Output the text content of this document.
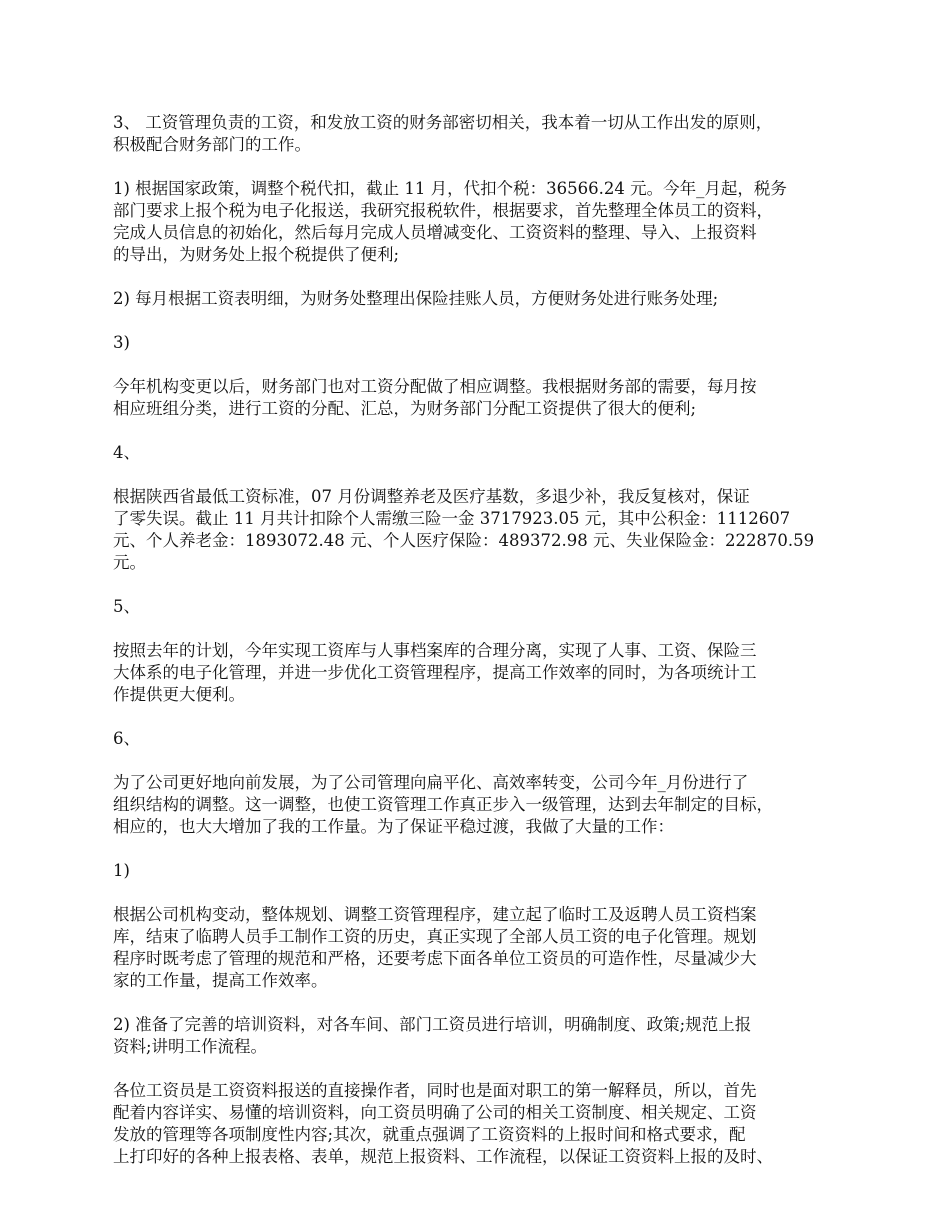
3、 工资管理负责的工资，和发放工资的财务部密切相关，我本着一切从工作出发的原则，
积极配合财务部门的工作。

1) 根据国家政策，调整个税代扣，截止 11 月，代扣个税：36566.24 元。今年_月起，税务
部门要求上报个税为电子化报送，我研究报税软件，根据要求，首先整理全体员工的资料，
完成人员信息的初始化，然后每月完成人员增减变化、工资资料的整理、导入、上报资料
的导出，为财务处上报个税提供了便利;

2) 每月根据工资表明细，为财务处整理出保险挂账人员，方便财务处进行账务处理;

3)

今年机构变更以后，财务部门也对工资分配做了相应调整。我根据财务部的需要，每月按
相应班组分类，进行工资的分配、汇总，为财务部门分配工资提供了很大的便利;

4、

根据陕西省最低工资标准，07 月份调整养老及医疗基数，多退少补，我反复核对，保证
了零失误。截止 11 月共计扣除个人需缴三险一金 3717923.05 元，其中公积金：1112607
元、个人养老金：1893072.48 元、个人医疗保险：489372.98 元、失业保险金：222870.59
元。

5、

按照去年的计划，今年实现工资库与人事档案库的合理分离，实现了人事、工资、保险三
大体系的电子化管理，并进一步优化工资管理程序，提高工作效率的同时，为各项统计工
作提供更大便利。

6、

为了公司更好地向前发展，为了公司管理向扁平化、高效率转变，公司今年_月份进行了
组织结构的调整。这一调整，也使工资管理工作真正步入一级管理，达到去年制定的目标，
相应的，也大大增加了我的工作量。为了保证平稳过渡，我做了大量的工作：

1)

根据公司机构变动，整体规划、调整工资管理程序，建立起了临时工及返聘人员工资档案
库，结束了临聘人员手工制作工资的历史，真正实现了全部人员工资的电子化管理。规划
程序时既考虑了管理的规范和严格，还要考虑下面各单位工资员的可造作性，尽量减少大
家的工作量，提高工作效率。

2) 准备了完善的培训资料，对各车间、部门工资员进行培训，明确制度、政策;规范上报
资料;讲明工作流程。

各位工资员是工资资料报送的直接操作者，同时也是面对职工的第一解释员，所以，首先
配着内容详实、易懂的培训资料，向工资员明确了公司的相关工资制度、相关规定、工资
发放的管理等各项制度性内容;其次，就重点强调了工资资料的上报时间和格式要求，配
上打印好的各种上报表格、表单，规范上报资料、工作流程，以保证工资资料上报的及时、
